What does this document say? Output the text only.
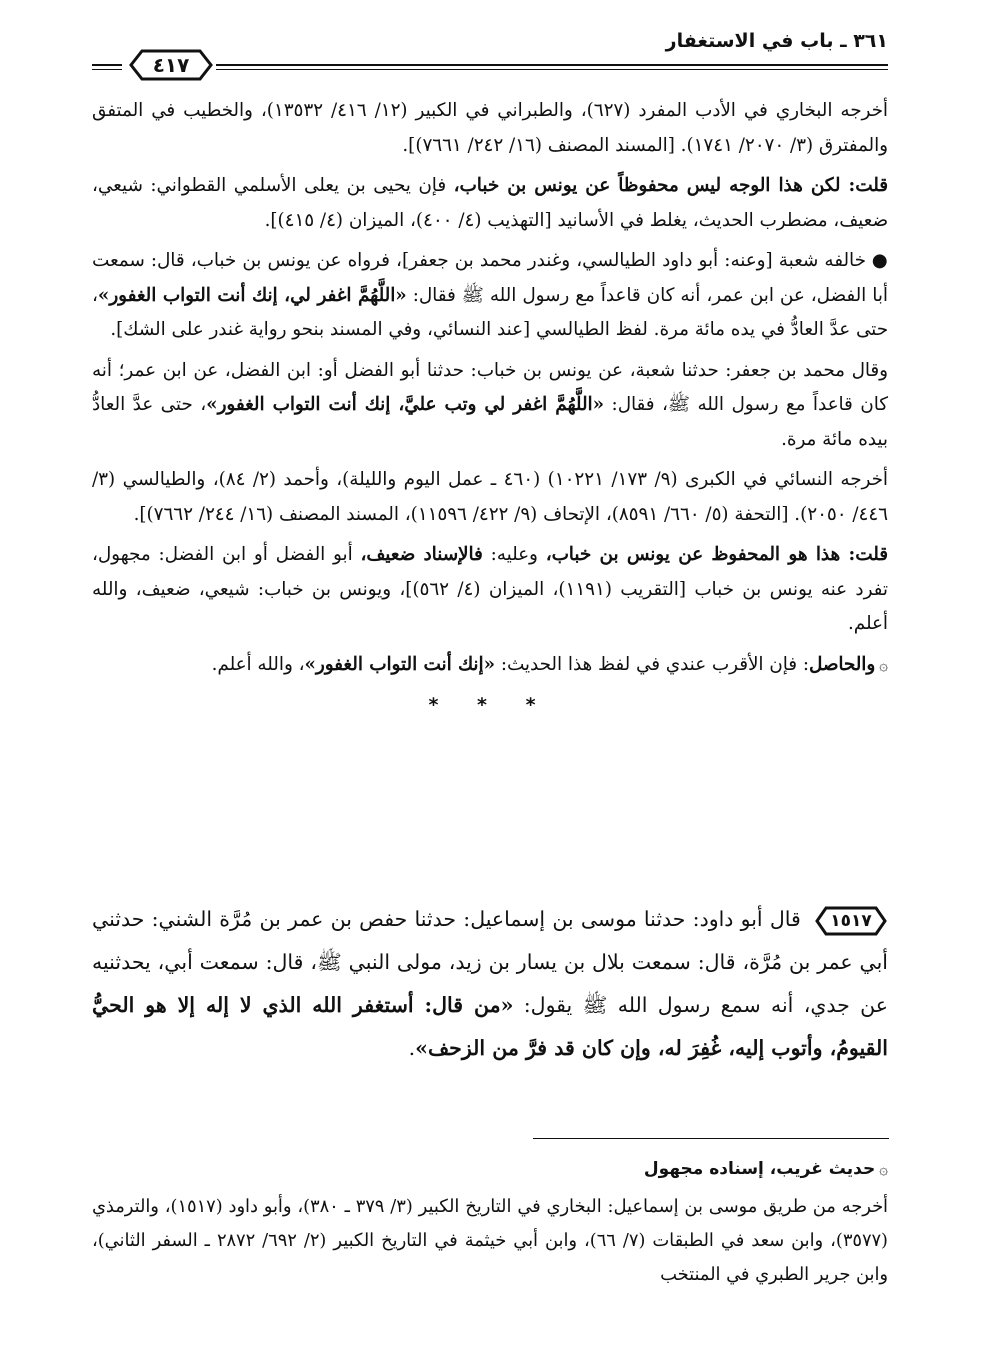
٣٦١ ـ باب في الاستغفار
٤١٧

أخرجه البخاري في الأدب المفرد (٦٢٧)، والطبراني في الكبير (١٢/ ٤١٦/ ١٣٥٣٢)، والخطيب في المتفق والمفترق (٣/ ٢٠٧٠/ ١٧٤١). [المسند المصنف (١٦/ ٢٤٢/ ٧٦٦١)].

قلت: لكن هذا الوجه ليس محفوظاً عن يونس بن خباب، فإن يحيى بن يعلى الأسلمي القطواني: شيعي، ضعيف، مضطرب الحديث، يغلط في الأسانيد [التهذيب (٤/ ٤٠٠)، الميزان (٤/ ٤١٥)].

● خالفه شعبة [وعنه: أبو داود الطيالسي، وغندر محمد بن جعفر]، فرواه عن يونس بن خباب، قال: سمعت أبا الفضل، عن ابن عمر، أنه كان قاعداً مع رسول الله ﷺ فقال: «اللَّهُمَّ اغفر لي، إنك أنت التواب الغفور»، حتى عدَّ العادُّ في يده مائة مرة. لفظ الطيالسي [عند النسائي، وفي المسند بنحو رواية غندر على الشك].

وقال محمد بن جعفر: حدثنا شعبة، عن يونس بن خباب: حدثنا أبو الفضل أو: ابن الفضل، عن ابن عمر؛ أنه كان قاعداً مع رسول الله ﷺ، فقال: «اللَّهُمَّ اغفر لي وتب عليَّ، إنك أنت التواب الغفور»، حتى عدَّ العادُّ بيده مائة مرة.

أخرجه النسائي في الكبرى (٩/ ١٧٣/ ١٠٢٢١) (٤٦٠ ـ عمل اليوم والليلة)، وأحمد (٢/ ٨٤)، والطيالسي (٣/ ٤٤٦/ ٢٠٥٠). [التحفة (٥/ ٦٦٠/ ٨٥٩١)، الإتحاف (٩/ ٤٢٢/ ١١٥٩٦)، المسند المصنف (١٦/ ٢٤٤/ ٧٦٦٢)].

قلت: هذا هو المحفوظ عن يونس بن خباب، وعليه: فالإسناد ضعيف، أبو الفضل أو ابن الفضل: مجهول، تفرد عنه يونس بن خباب [التقريب (١١٩١)، الميزان (٤/ ٥٦٢)]، ويونس بن خباب: شيعي، ضعيف، والله أعلم.

۞والحاصل: فإن الأقرب عندي في لفظ هذا الحديث: «إنك أنت التواب الغفور»، والله أعلم.

* * *

١٥١٧
قال أبو داود: حدثنا موسى بن إسماعيل: حدثنا حفص بن عمر بن مُرَّة الشني: حدثني أبي عمر بن مُرَّة، قال: سمعت بلال بن يسار بن زيد، مولى النبي ﷺ، قال: سمعت أبي، يحدثنيه عن جدي، أنه سمع رسول الله ﷺ يقول: «من قال: أستغفر الله الذي لا إله إلا هو الحيُّ القيومُ، وأتوب إليه، غُفِرَ له، وإن كان قد فرَّ من الزحف».

۞حديث غريب، إسناده مجهول

أخرجه من طريق موسى بن إسماعيل: البخاري في التاريخ الكبير (٣/ ٣٧٩ ـ ٣٨٠)، وأبو داود (١٥١٧)، والترمذي (٣٥٧٧)، وابن سعد في الطبقات (٧/ ٦٦)، وابن أبي خيثمة في التاريخ الكبير (٢/ ٦٩٢/ ٢٨٧٢ ـ السفر الثاني)، وابن جرير الطبري في المنتخب
